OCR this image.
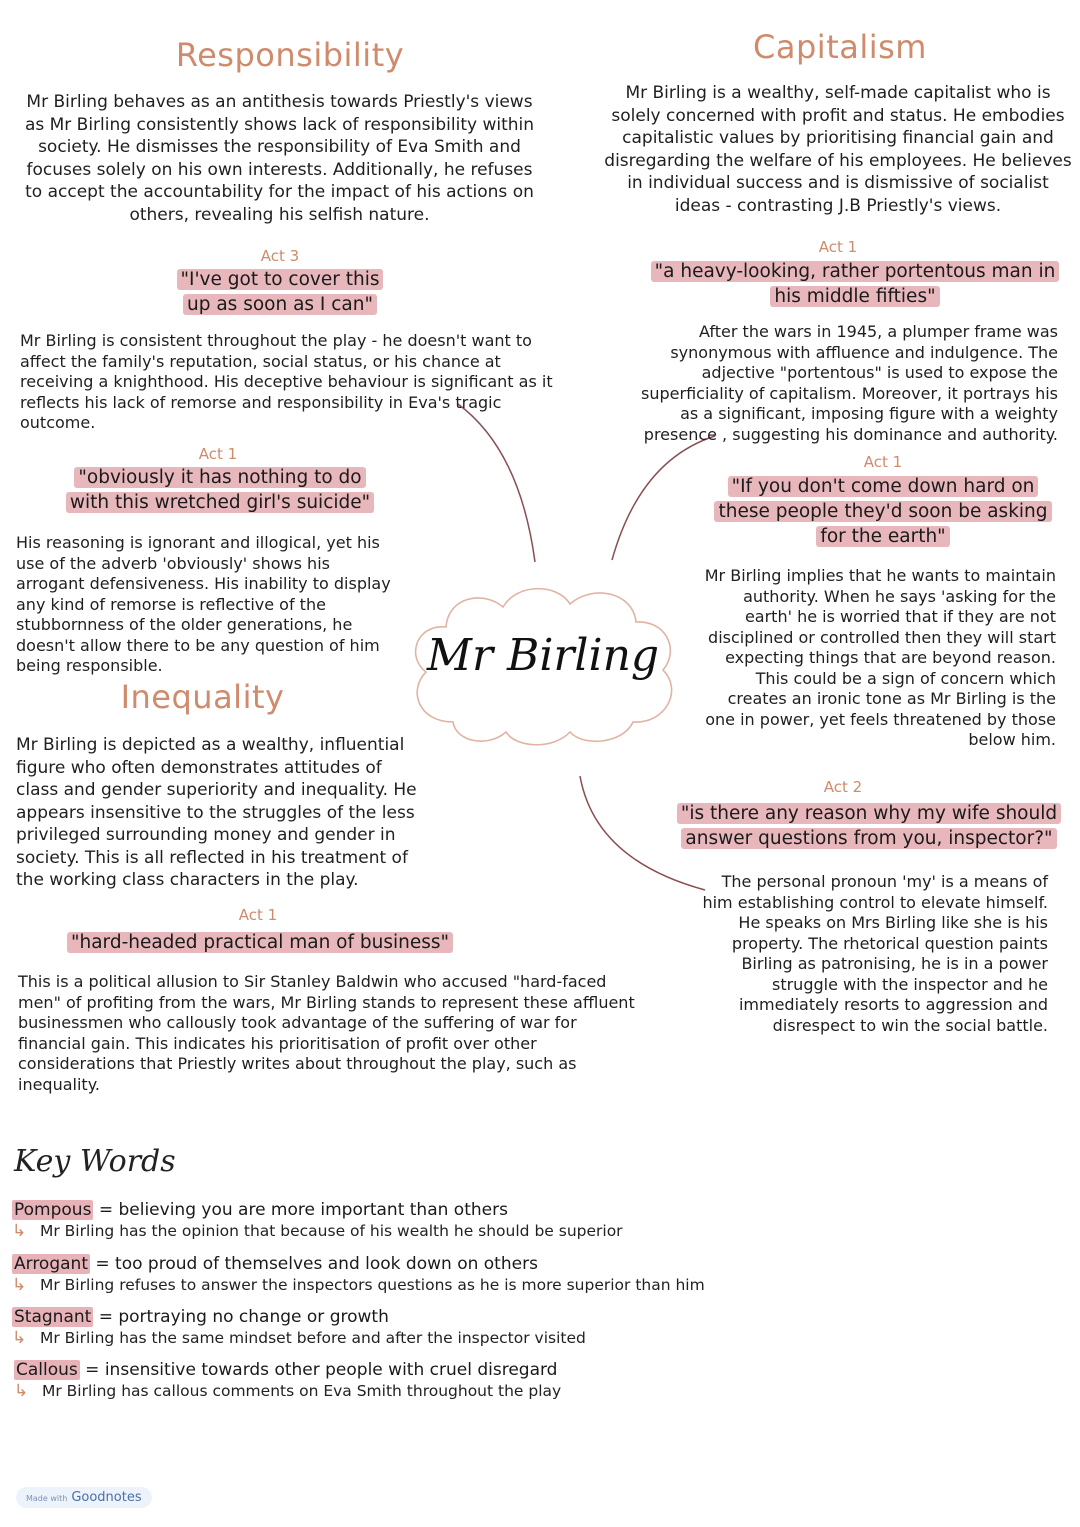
Mr Birling
Responsibility
Mr Birling behaves as an antithesis towards Priestly's views as Mr Birling consistently shows lack of responsibility within society. He dismisses the responsibility of Eva Smith and focuses solely on his own interests. Additionally, he refuses to accept the accountability for the impact of his actions on others, revealing his selfish nature.
Act 3
"I've got to cover this up as soon as I can"
Mr Birling is consistent throughout the play - he doesn't want to affect the family's reputation, social status, or his chance at receiving a knighthood. His deceptive behaviour is significant as it reflects his lack of remorse and responsibility in Eva's tragic outcome.
Act 1
"obviously it has nothing to do with this wretched girl's suicide"
His reasoning is ignorant and illogical, yet his use of the adverb 'obviously' shows his arrogant defensiveness. His inability to display any kind of remorse is reflective of the stubbornness of the older generations, he doesn't allow there to be any question of him being responsible.
Inequality
Mr Birling is depicted as a wealthy, influential figure who often demonstrates attitudes of class and gender superiority and inequality. He appears insensitive to the struggles of the less privileged surrounding money and gender in society. This is all reflected in his treatment of the working class characters in the play.
Act 1
"hard-headed practical man of business"
This is a political allusion to Sir Stanley Baldwin who accused "hard-faced men" of profiting from the wars, Mr Birling stands to represent these affluent businessmen who callously took advantage of the suffering of war for financial gain. This indicates his prioritisation of profit over other considerations that Priestly writes about throughout the play, such as inequality.
Capitalism
Mr Birling is a wealthy, self-made capitalist who is solely concerned with profit and status. He embodies capitalistic values by prioritising financial gain and disregarding the welfare of his employees. He believes in individual success and is dismissive of socialist ideas - contrasting J.B Priestly's views.
Act 1
"a heavy-looking, rather portentous man in his middle fifties"
After the wars in 1945, a plumper frame was synonymous with affluence and indulgence. The adjective "portentous" is used to expose the superficiality of capitalism. Moreover, it portrays his as a significant, imposing figure with a weighty presence , suggesting his dominance and authority.
Act 1
"If you don't come down hard on these people they'd soon be asking for the earth"
Mr Birling implies that he wants to maintain authority. When he says 'asking for the earth' he is worried that if they are not disciplined or controlled then they will start expecting things that are beyond reason. This could be a sign of concern which creates an ironic tone as Mr Birling is the one in power, yet feels threatened by those below him.
Act 2
"is there any reason why my wife should answer questions from you, inspector?"
The personal pronoun 'my' is a means of him establishing control to elevate himself. He speaks on Mrs Birling like she is his property. The rhetorical question paints Birling as patronising, he is in a power struggle with the inspector and he immediately resorts to aggression and disrespect to win the social battle.
Key Words
Pompous = believing you are more important than others
↳ Mr Birling has the opinion that because of his wealth he should be superior
Arrogant = too proud of themselves and look down on others
↳ Mr Birling refuses to answer the inspectors questions as he is more superior than him
Stagnant = portraying no change or growth
↳ Mr Birling has the same mindset before and after the inspector visited
Callous = insensitive towards other people with cruel disregard
↳ Mr Birling has callous comments on Eva Smith throughout the play
Made with Goodnotes
